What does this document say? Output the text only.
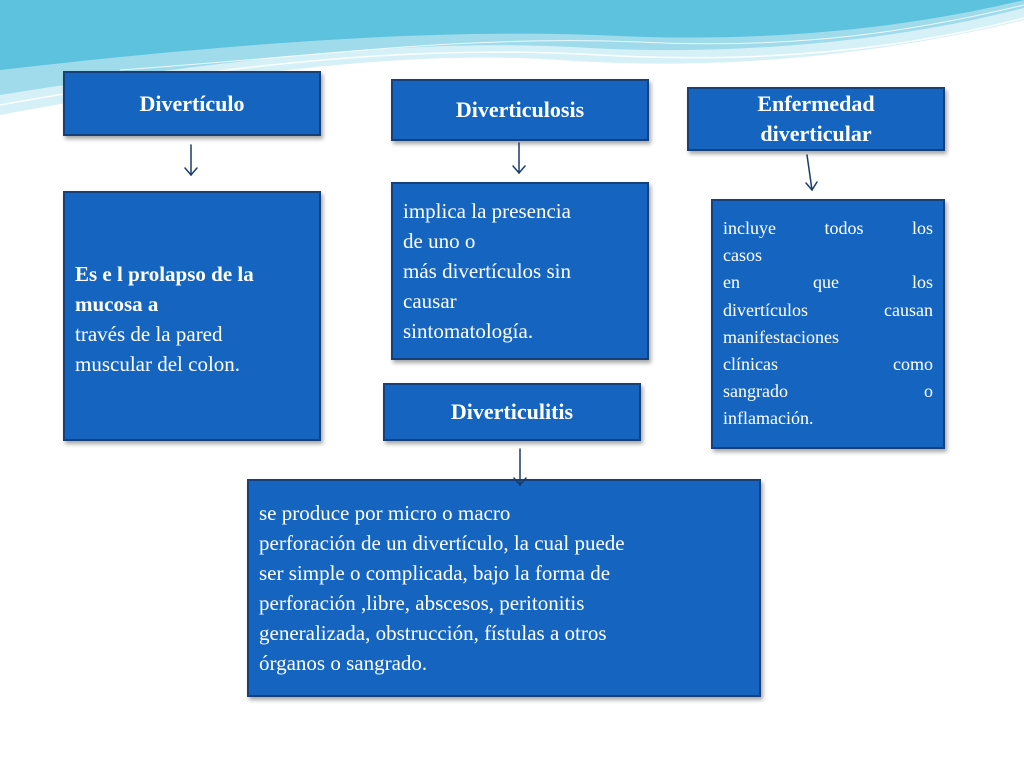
Divertículo
Es e l prolapso de la
mucosa a
través de la pared
muscular del colon.
Diverticulosis
implica la presencia
de uno o
más divertículos sin
causar
sintomatología.
Enfermedad
diverticular
incluye todos los
casos
en que los
divertículos causan
manifestaciones
clínicas como
sangrado o
inflamación.
Diverticulitis
se produce por micro o macro
perforación de un divertículo, la cual puede
ser simple o complicada, bajo la forma de
perforación ,libre, abscesos, peritonitis
generalizada, obstrucción, fístulas a otros
órganos o sangrado.
